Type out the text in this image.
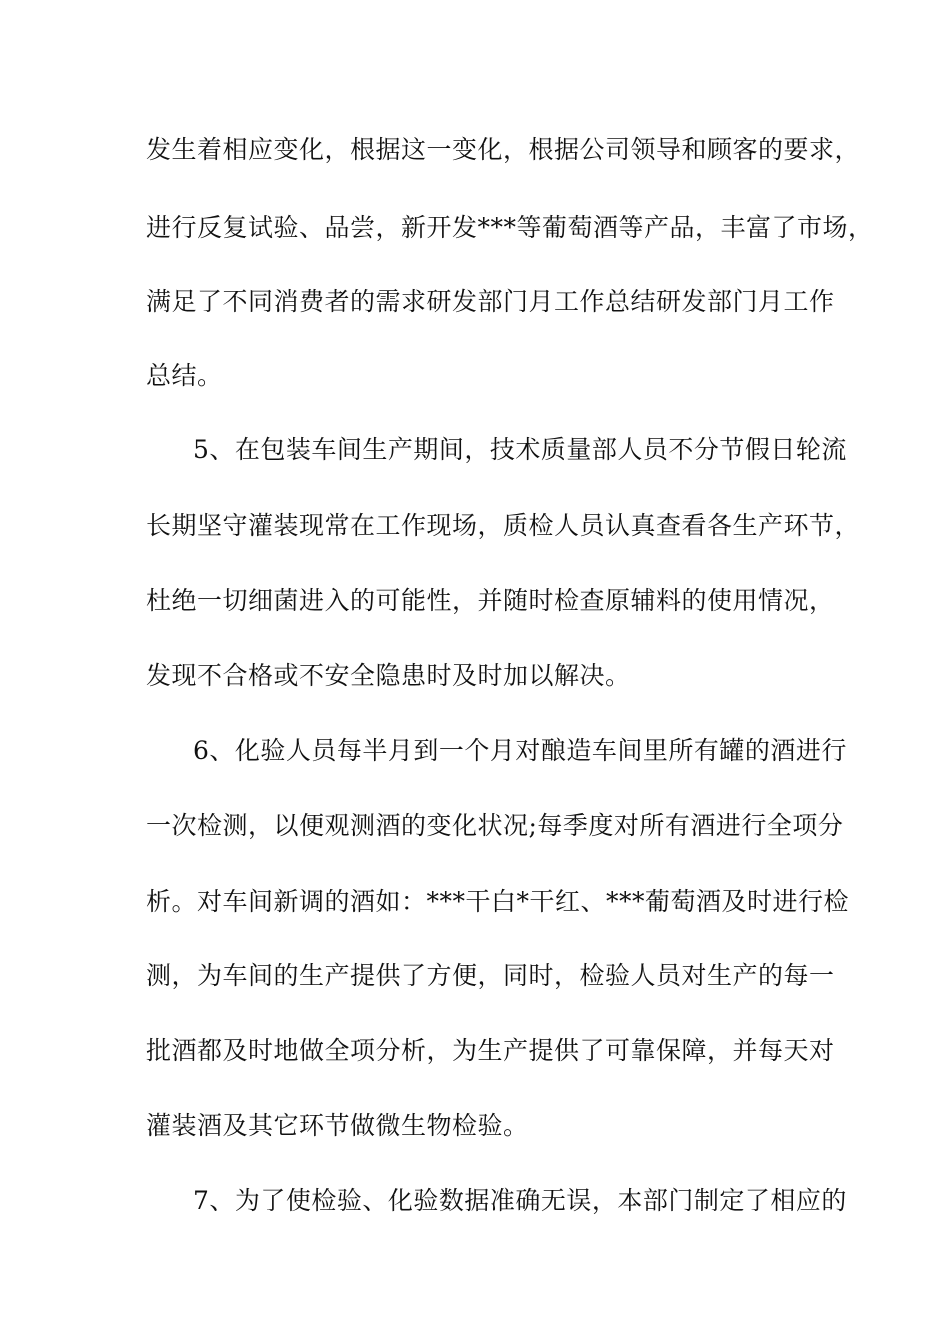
发生着相应变化，根据这一变化，根据公司领导和顾客的要求，
进行反复试验、品尝，新开发***等葡萄酒等产品，丰富了市场，
满足了不同消费者的需求研发部门月工作总结研发部门月工作
总结。
5、在包装车间生产期间，技术质量部人员不分节假日轮流
长期坚守灌装现常在工作现场，质检人员认真查看各生产环节，
杜绝一切细菌进入的可能性，并随时检查原辅料的使用情况，
发现不合格或不安全隐患时及时加以解决。
6、化验人员每半月到一个月对酿造车间里所有罐的酒进行
一次检测，以便观测酒的变化状况;每季度对所有酒进行全项分
析。对车间新调的酒如：***干白*干红、***葡萄酒及时进行检
测，为车间的生产提供了方便，同时，检验人员对生产的每一
批酒都及时地做全项分析，为生产提供了可靠保障，并每天对
灌装酒及其它环节做微生物检验。
7、为了使检验、化验数据准确无误，本部门制定了相应的
